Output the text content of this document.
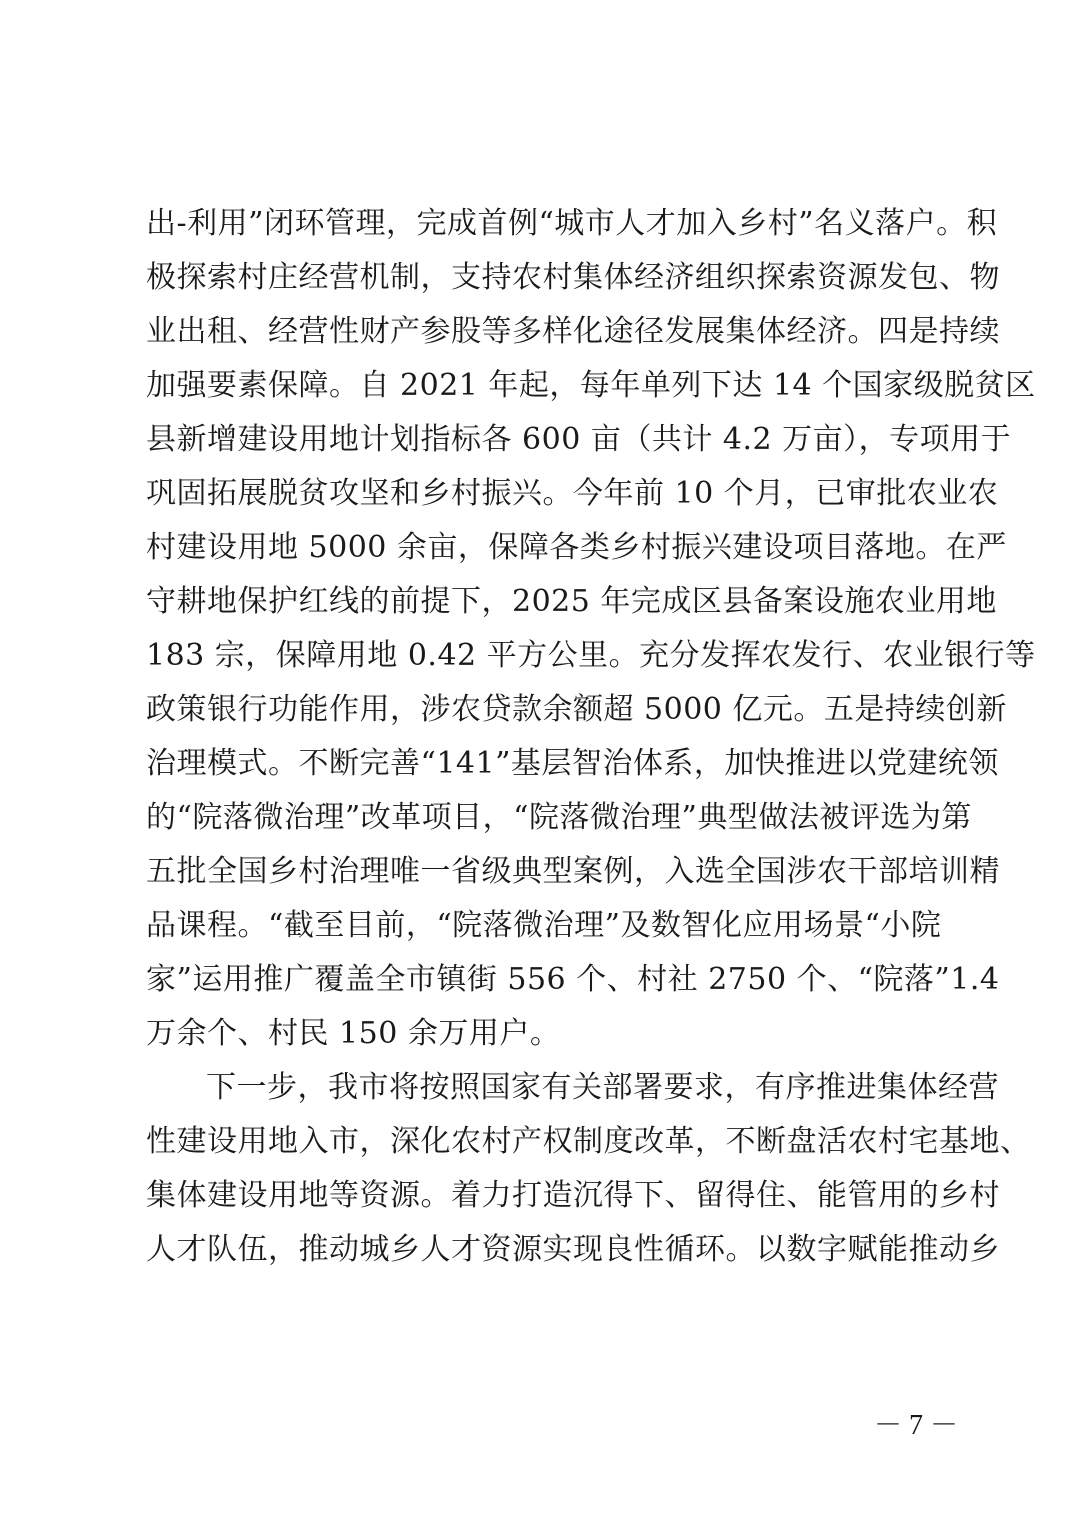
出-利用”闭环管理，完成首例“城市人才加入乡村”名义落户。积
极探索村庄经营机制，支持农村集体经济组织探索资源发包、物
业出租、经营性财产参股等多样化途径发展集体经济。四是持续
加强要素保障。自 2021 年起，每年单列下达 14 个国家级脱贫区
县新增建设用地计划指标各 600 亩（共计 4.2 万亩），专项用于
巩固拓展脱贫攻坚和乡村振兴。今年前 10 个月，已审批农业农
村建设用地 5000 余亩，保障各类乡村振兴建设项目落地。在严
守耕地保护红线的前提下，2025 年完成区县备案设施农业用地
183 宗，保障用地 0.42 平方公里。充分发挥农发行、农业银行等
政策银行功能作用，涉农贷款余额超 5000 亿元。五是持续创新
治理模式。不断完善“141”基层智治体系，加快推进以党建统领
的“院落微治理”改革项目，“院落微治理”典型做法被评选为第
五批全国乡村治理唯一省级典型案例，入选全国涉农干部培训精
品课程。“截至目前，“院落微治理”及数智化应用场景“小院
家”运用推广覆盖全市镇街 556 个、村社 2750 个、“院落”1.4
万余个、村民 150 余万用户。
下一步，我市将按照国家有关部署要求，有序推进集体经营
性建设用地入市，深化农村产权制度改革，不断盘活农村宅基地、
集体建设用地等资源。着力打造沉得下、留得住、能管用的乡村
人才队伍，推动城乡人才资源实现良性循环。以数字赋能推动乡
－ 7 －
